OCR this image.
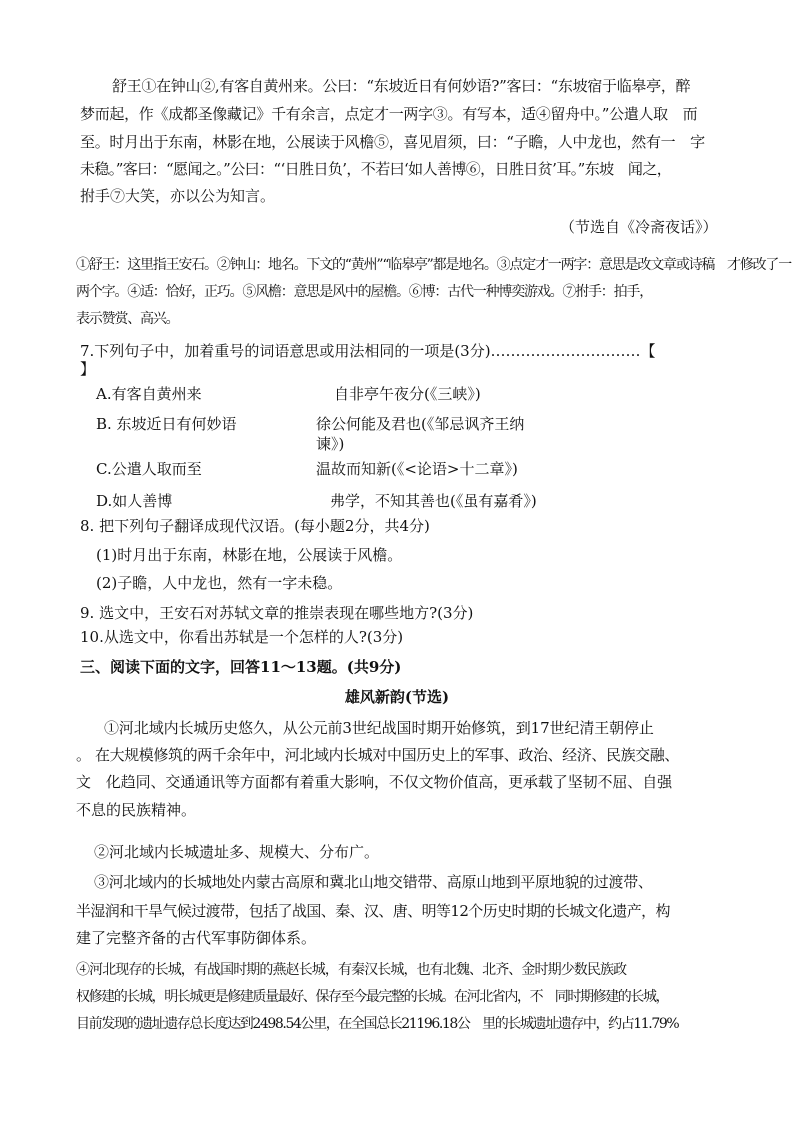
舒王①在钟山②,有客自黄州来。公曰：“东坡近日有何妙语?”客曰：“东坡宿于临皋亭，醉
梦而起，作《成都圣像藏记》千有余言，点定才一两字③。有写本，适④留舟中。”公遣人取　而
至。时月出于东南，林影在地，公展读于风檐⑤，喜见眉须，曰：“子瞻，人中龙也，然有一　字
未稳。”客曰：“愿闻之。”公曰：“‘日胜日负’，不若曰‘如人善博⑥，日胜日贫’耳。”东坡　闻之，
拊手⑦大笑，亦以公为知言。
（节选自《冷斋夜话》）
①舒王：这里指王安石。②钟山：地名。下文的“黄州”“临皋亭”都是地名。③点定才一两字：意思是改文章或诗稿　才修改了一
两个字。④适：恰好，正巧。⑤风檐：意思是风中的屋檐。⑥博：古代一种博奕游戏。⑦拊手：拍手，
表示赞赏、高兴。
7.下列句子中，加着重号的词语意思或用法相同的一项是(3分)…………………………【
】
A.有客自黄州来	自非亭午夜分(《三峡》)
B. 东坡近日有何妙语	徐公何能及君也(《邹忌讽齐王纳
谏》)
C.公遣人取而至	温故而知新(《<论语>十二章》)
D.如人善博	弗学，不知其善也(《虽有嘉肴》)
8. 把下列句子翻译成现代汉语。(每小题2分，共4分)
(1)时月出于东南，林影在地，公展读于风檐。
(2)子瞻，人中龙也，然有一字未稳。
9. 选文中，王安石对苏轼文章的推崇表现在哪些地方?(3分)
10.从选文中，你看出苏轼是一个怎样的人?(3分)
三、阅读下面的文字，回答11～13题。(共9分)
雄风新韵(节选)
①河北域内长城历史悠久，从公元前3世纪战国时期开始修筑，到17世纪清王朝停止
。 在大规模修筑的两千余年中，河北域内长城对中国历史上的军事、政治、经济、民族交融、
文　化趋同、交通通讯等方面都有着重大影响，不仅文物价值高，更承载了坚韧不屈、自强
不息的民族精神。
②河北域内长城遗址多、规模大、分布广。
③河北域内的长城地处内蒙古高原和冀北山地交错带、高原山地到平原地貌的过渡带、
半湿润和干旱气候过渡带，包括了战国、秦、汉、唐、明等12个历史时期的长城文化遗产，构
建了完整齐备的古代军事防御体系。
④河北现存的长城，有战国时期的燕赵长城，有秦汉长城，也有北魏、北齐、金时期少数民族政
权修建的长城，明长城更是修建质量最好、保存至今最完整的长城。在河北省内，不　同时期修建的长城，
目前发现的遗址遗存总长度达到2498.54公里，在全国总长21196.18公　里的长城遗址遗存中，约占11.79%
